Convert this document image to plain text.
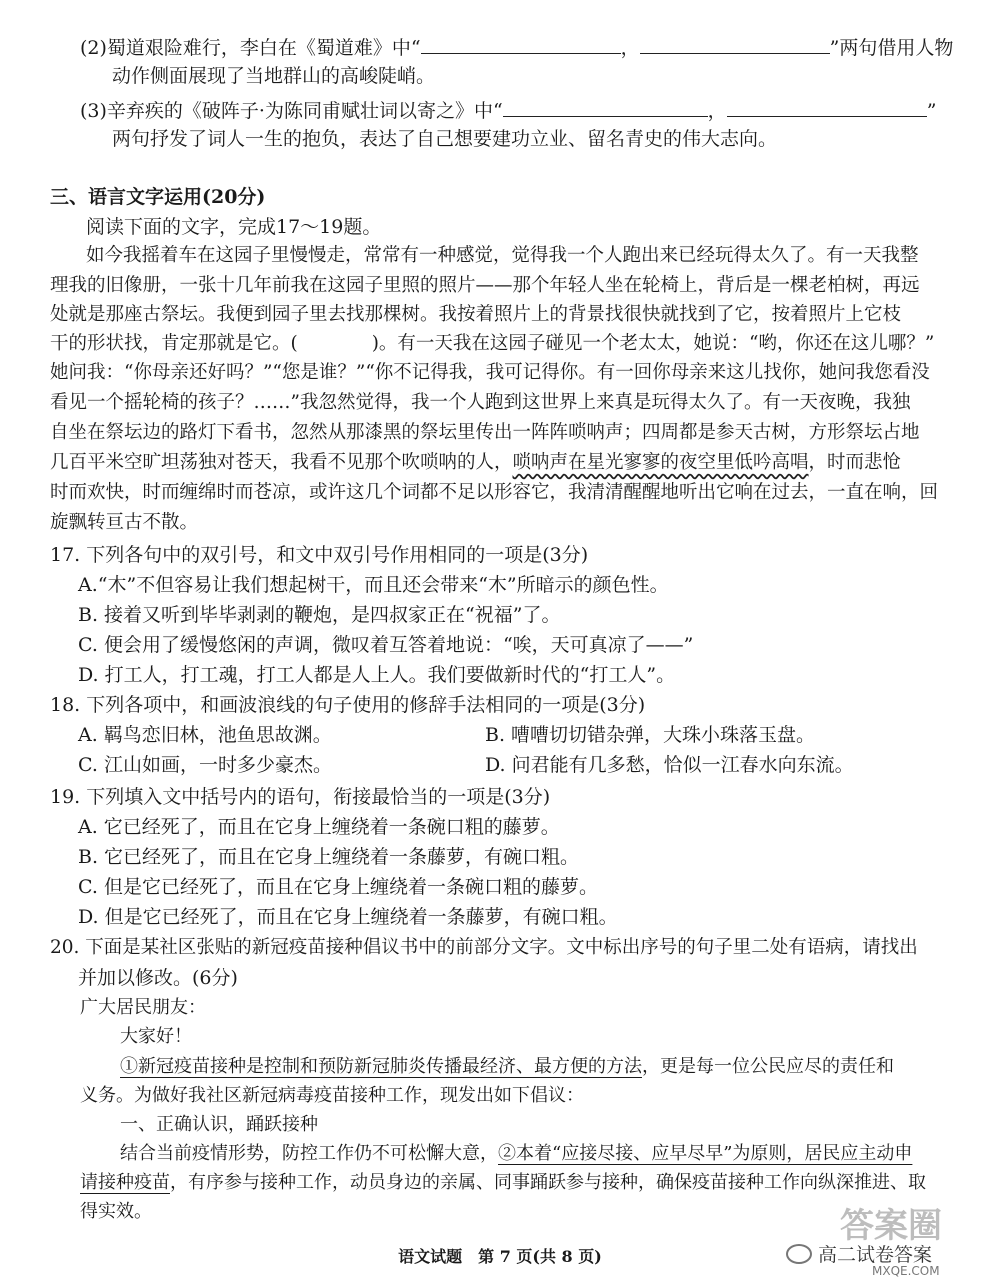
(2)蜀道艰险难行，李白在《蜀道难》中“	，	”两句借用人物
动作侧面展现了当地群山的高峻陡峭。
(3)辛弃疾的《破阵子·为陈同甫赋壮词以寄之》中“	，	”
两句抒发了词人一生的抱负，表达了自己想要建功立业、留名青史的伟大志向。
三、语言文字运用(20分)
阅读下面的文字，完成17～19题。
如今我摇着车在这园子里慢慢走，常常有一种感觉，觉得我一个人跑出来已经玩得太久了。有一天我整
理我的旧像册，一张十几年前我在这园子里照的照片——那个年轻人坐在轮椅上，背后是一棵老柏树，再远
处就是那座古祭坛。我便到园子里去找那棵树。我按着照片上的背景找很快就找到了它，按着照片上它枝
干的形状找，肯定那就是它。(　　　　)。有一天我在这园子碰见一个老太太，她说：“哟，你还在这儿哪？”
她问我：“你母亲还好吗？”“您是谁？”“你不记得我，我可记得你。有一回你母亲来这儿找你，她问我您看没
看见一个摇轮椅的孩子？……”我忽然觉得，我一个人跑到这世界上来真是玩得太久了。有一天夜晚，我独
自坐在祭坛边的路灯下看书，忽然从那漆黑的祭坛里传出一阵阵唢呐声；四周都是参天古树，方形祭坛占地
几百平米空旷坦荡独对苍天，我看不见那个吹唢呐的人，唢呐声在星光寥寥的夜空里低吟高唱，时而悲怆
时而欢快，时而缠绵时而苍凉，或许这几个词都不足以形容它，我清清醒醒地听出它响在过去，一直在响，回
旋飘转亘古不散。
17. 下列各句中的双引号，和文中双引号作用相同的一项是(3分)
A.“木”不但容易让我们想起树干，而且还会带来“木”所暗示的颜色性。
B. 接着又听到毕毕剥剥的鞭炮，是四叔家正在“祝福”了。
C. 便会用了缓慢悠闲的声调，微叹着互答着地说：“唉，天可真凉了——”
D. 打工人，打工魂，打工人都是人上人。我们要做新时代的“打工人”。
18. 下列各项中，和画波浪线的句子使用的修辞手法相同的一项是(3分)
A. 羁鸟恋旧林，池鱼思故渊。	B. 嘈嘈切切错杂弹，大珠小珠落玉盘。
C. 江山如画，一时多少豪杰。	D. 问君能有几多愁，恰似一江春水向东流。
19. 下列填入文中括号内的语句，衔接最恰当的一项是(3分)
A. 它已经死了，而且在它身上缠绕着一条碗口粗的藤萝。
B. 它已经死了，而且在它身上缠绕着一条藤萝，有碗口粗。
C. 但是它已经死了，而且在它身上缠绕着一条碗口粗的藤萝。
D. 但是它已经死了，而且在它身上缠绕着一条藤萝，有碗口粗。
20. 下面是某社区张贴的新冠疫苗接种倡议书中的前部分文字。文中标出序号的句子里二处有语病，请找出
并加以修改。(6分)
广大居民朋友：
大家好！
①新冠疫苗接种是控制和预防新冠肺炎传播最经济、最方便的方法，更是每一位公民应尽的责任和
义务。为做好我社区新冠病毒疫苗接种工作，现发出如下倡议：
一、正确认识，踊跃接种
结合当前疫情形势，防控工作仍不可松懈大意，②本着“应接尽接、应早尽早”为原则，居民应主动申
请接种疫苗，有序参与接种工作，动员身边的亲属、同事踊跃参与接种，确保疫苗接种工作向纵深推进、取
得实效。
语文试题　第 7 页(共 8 页)
答案圈
高二试卷答案
MXQE.COM
